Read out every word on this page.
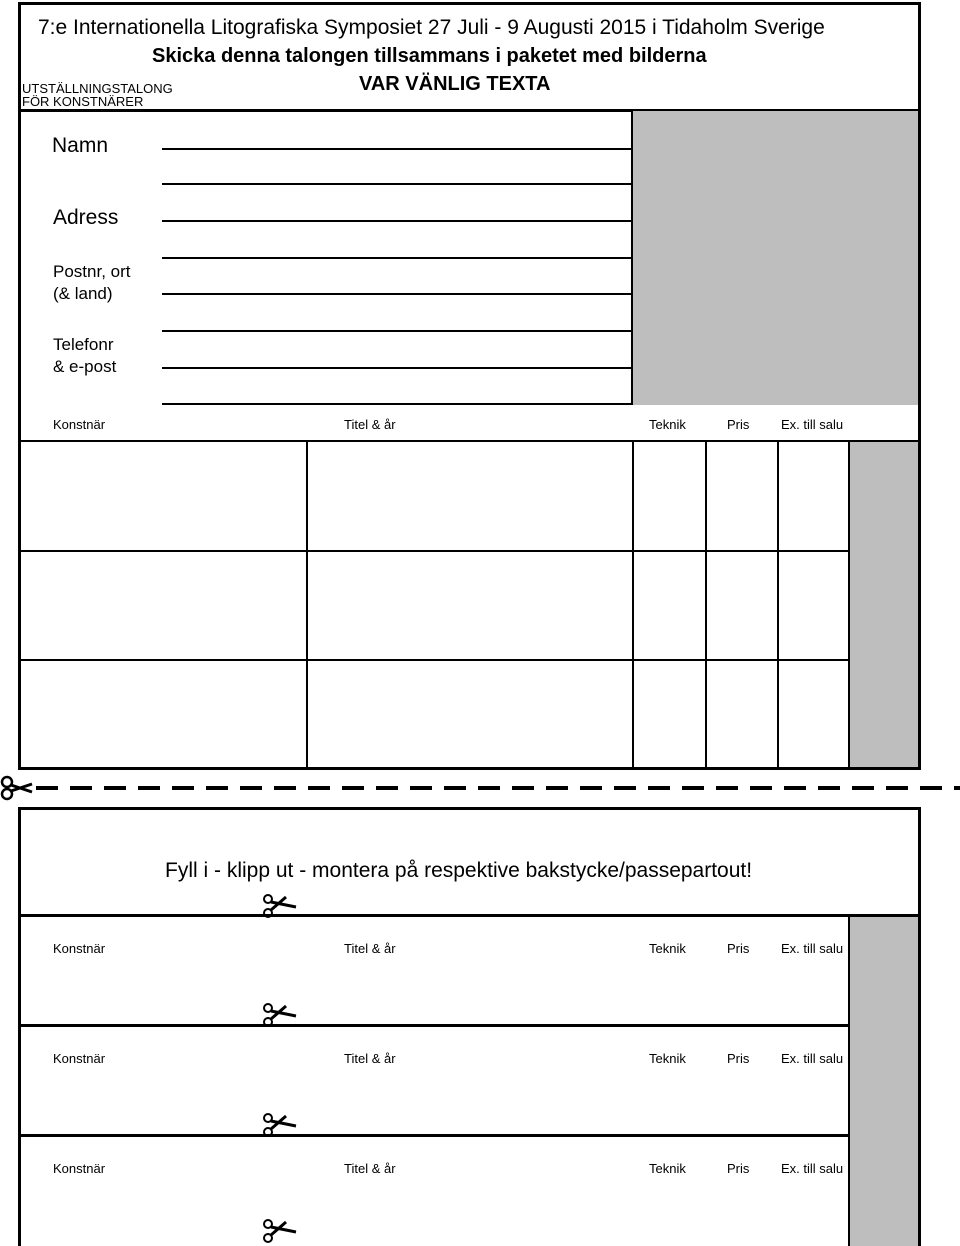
7:e Internationella Litografiska Symposiet 27 Juli - 9 Augusti 2015 i Tidaholm Sverige
Skicka denna talongen tillsammans i paketet med bilderna
UTSTÄLLNINGSTALONG
FÖR KONSTNÄRER
VAR VÄNLIG TEXTA
Namn
Adress
Postnr, ort
(& land)
Telefonr
& e-post
Konstnär	Titel & år	Teknik	Pris Ex. till salu
Fyll i - klipp ut - montera på respektive bakstycke/passepartout!
Konstnär	Titel & år	Teknik	Pris Ex. till salu
Konstnär	Titel & år	Teknik	Pris Ex. till salu
Konstnär	Titel & år	Teknik	Pris Ex. till salu
